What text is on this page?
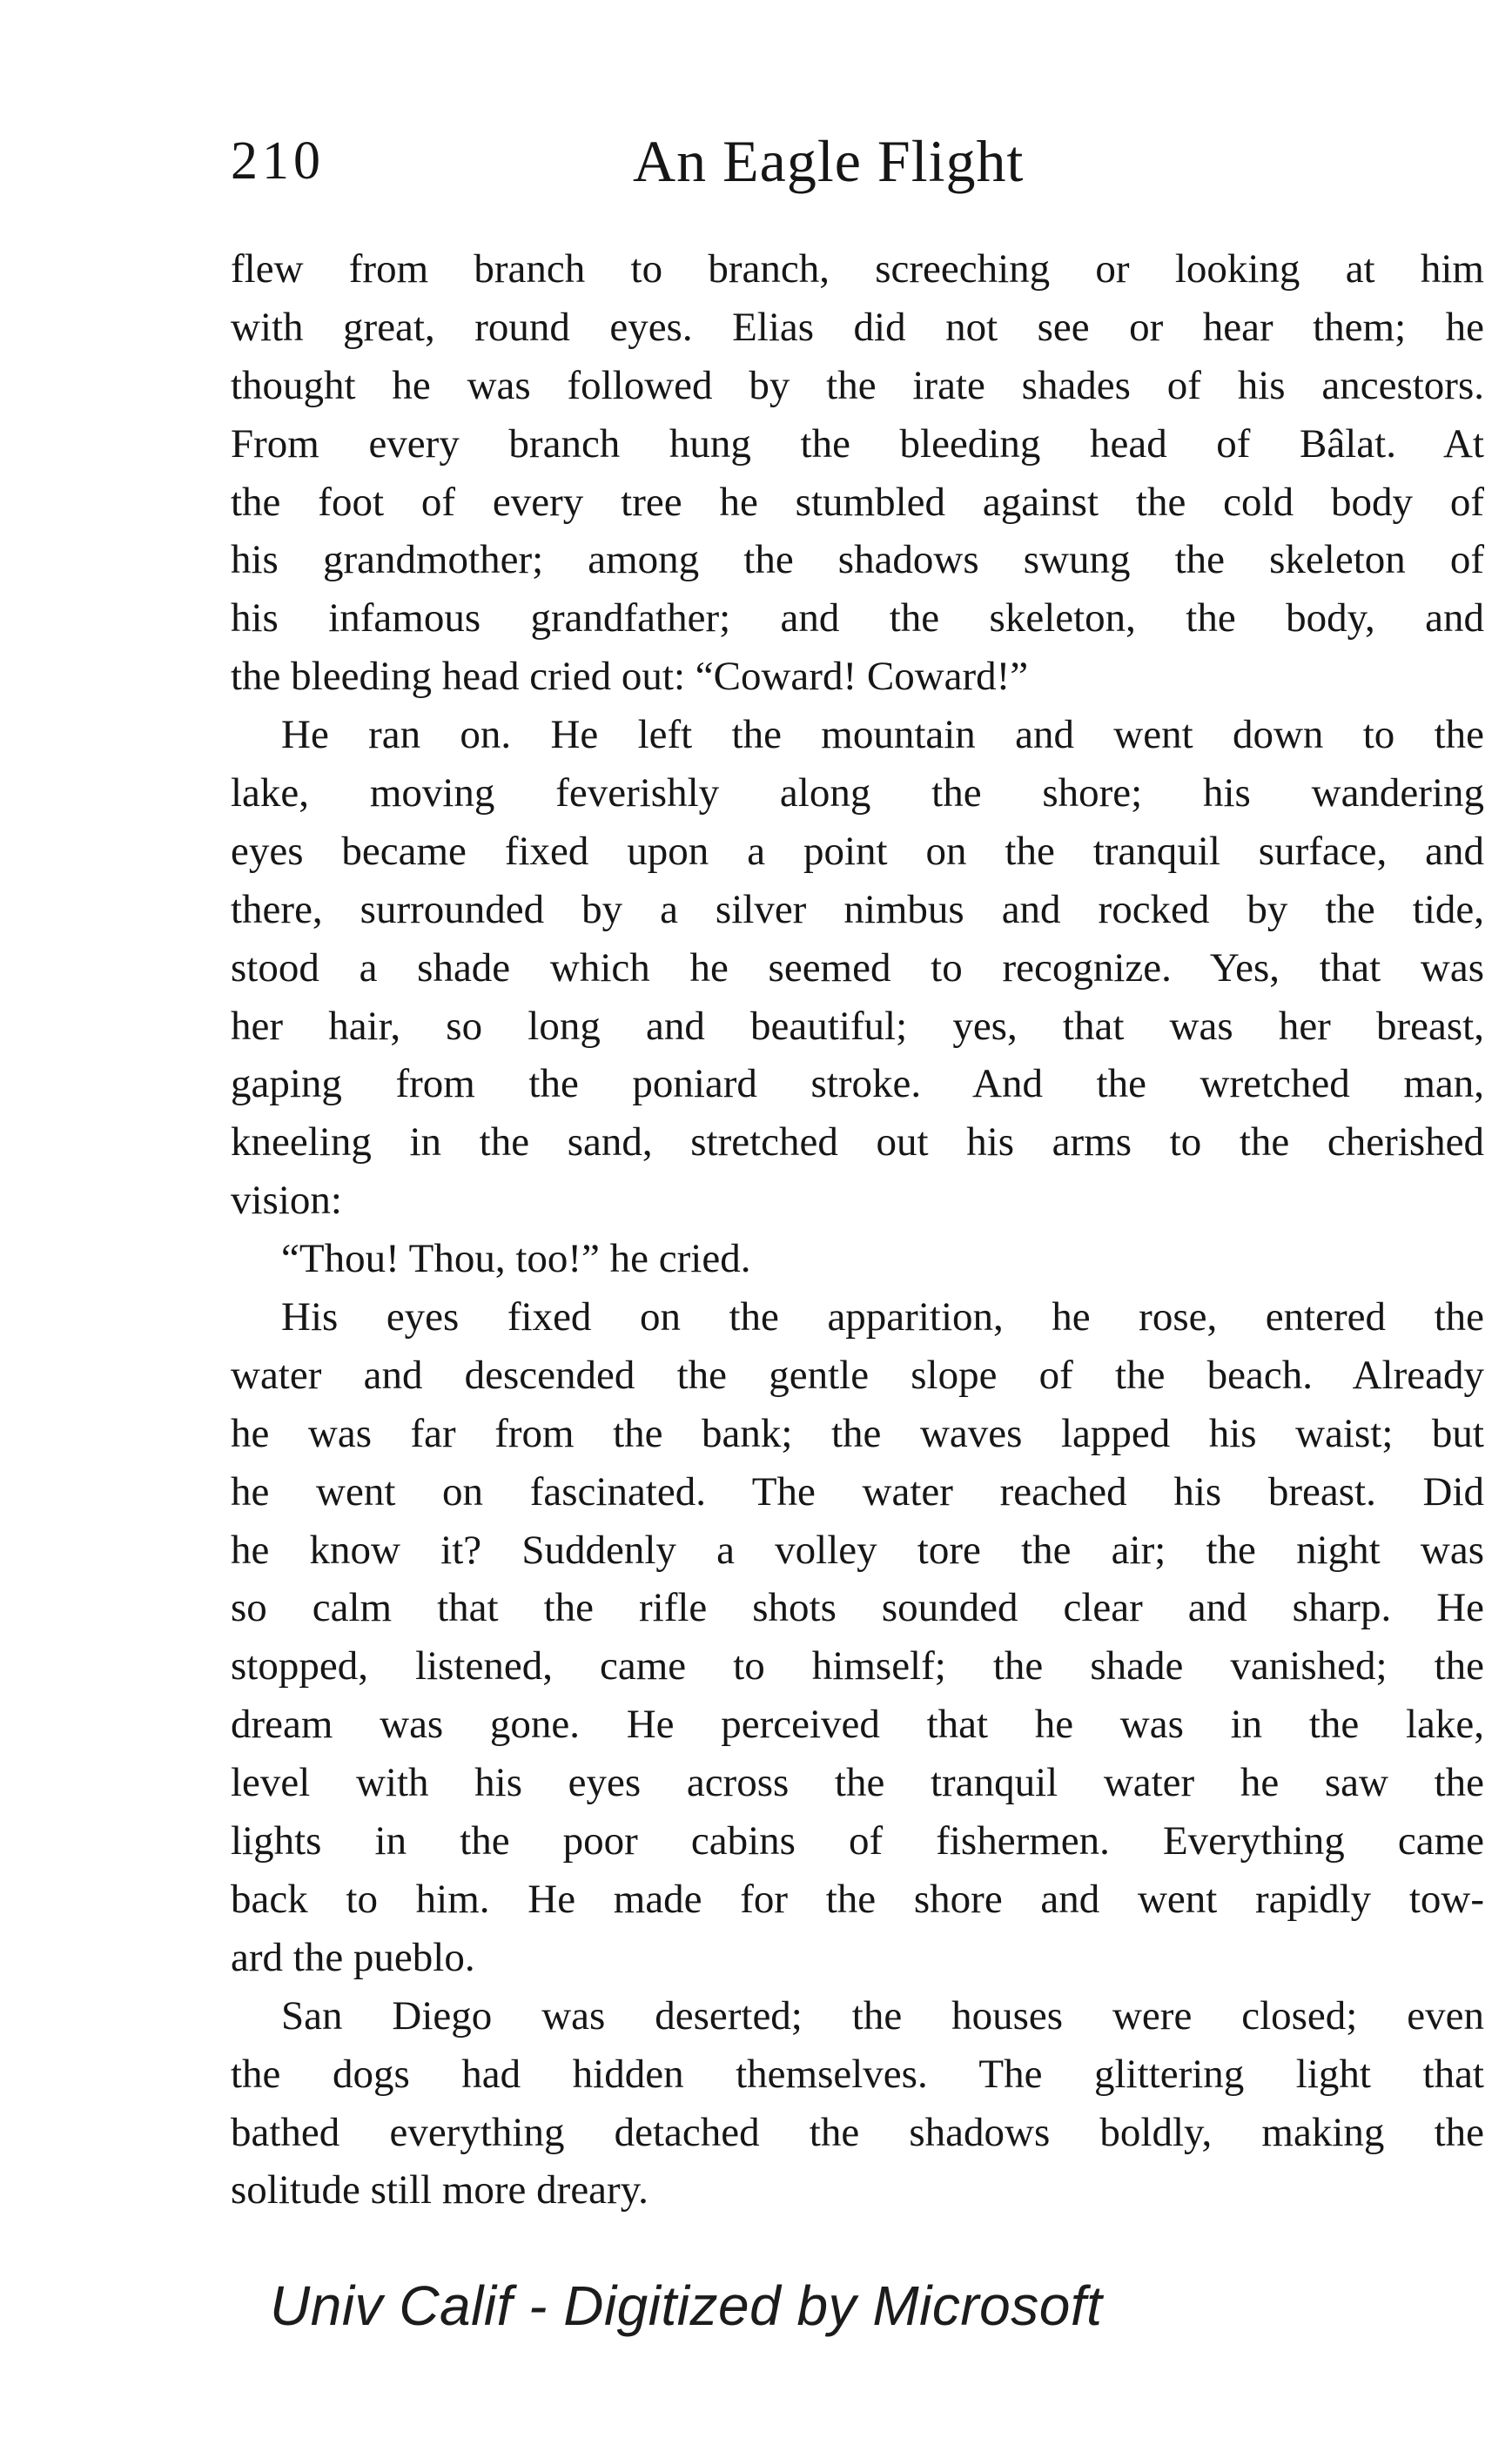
210	An Eagle Flight
flew from branch to branch, screeching or looking at him
with great, round eyes. Elias did not see or hear them; he
thought he was followed by the irate shades of his ancestors.
From every branch hung the bleeding head of Bâlat. At
the foot of every tree he stumbled against the cold body of
his grandmother; among the shadows swung the skeleton of
his infamous grandfather; and the skeleton, the body, and
the bleeding head cried out: “Coward! Coward!”
He ran on. He left the mountain and went down to the
lake, moving feverishly along the shore; his wandering
eyes became fixed upon a point on the tranquil surface, and
there, surrounded by a silver nimbus and rocked by the tide,
stood a shade which he seemed to recognize. Yes, that was
her hair, so long and beautiful; yes, that was her breast,
gaping from the poniard stroke. And the wretched man,
kneeling in the sand, stretched out his arms to the cherished
vision:
“Thou! Thou, too!” he cried.
His eyes fixed on the apparition, he rose, entered the
water and descended the gentle slope of the beach. Already
he was far from the bank; the waves lapped his waist; but
he went on fascinated. The water reached his breast. Did
he know it? Suddenly a volley tore the air; the night was
so calm that the rifle shots sounded clear and sharp. He
stopped, listened, came to himself; the shade vanished; the
dream was gone. He perceived that he was in the lake,
level with his eyes across the tranquil water he saw the
lights in the poor cabins of fishermen. Everything came
back to him. He made for the shore and went rapidly tow-
ard the pueblo.
San Diego was deserted; the houses were closed; even
the dogs had hidden themselves. The glittering light that
bathed everything detached the shadows boldly, making the
solitude still more dreary.
Univ Calif - Digitized by Microsoft
